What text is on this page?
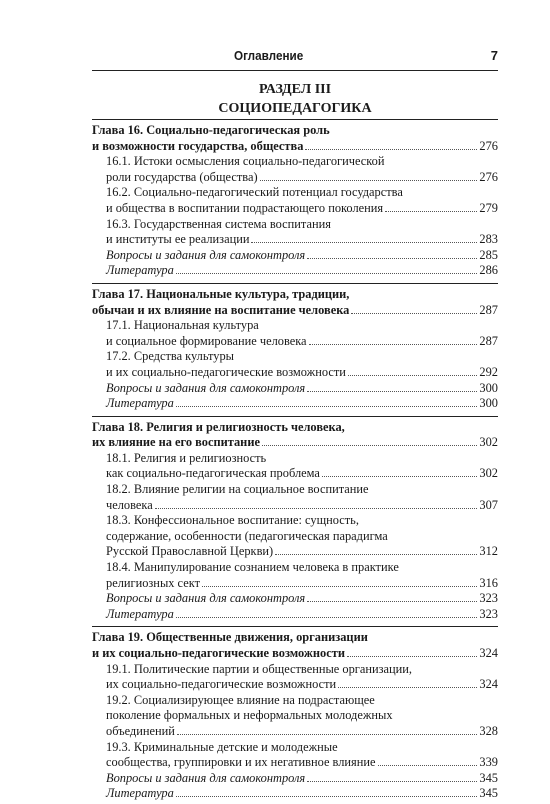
Оглавление	7
РАЗДЕЛ III
СОЦИОПЕДАГОГИКА
Глава 16. Социально-педагогическая роль
и возможности государства, общества	276
16.1. Истоки осмысления социально-педагогической
роли государства (общества)	276
16.2. Социально-педагогический потенциал государства
и общества в воспитании подрастающего поколения	279
16.3. Государственная система воспитания
и институты ее реализации	283
Вопросы и задания для самоконтроля	285
Литература	286
Глава 17. Национальные культура, традиции,
обычаи и их влияние на воспитание человека	287
17.1. Национальная культура
и социальное формирование человека	287
17.2. Средства культуры
и их социально-педагогические возможности	292
Вопросы и задания для самоконтроля	300
Литература	300
Глава 18. Религия и религиозность человека,
их влияние на его воспитание	302
18.1. Религия и религиозность
как социально-педагогическая проблема	302
18.2. Влияние религии на социальное воспитание
человека	307
18.3. Конфессиональное воспитание: сущность,
содержание, особенности (педагогическая парадигма
Русской Православной Церкви)	312
18.4. Манипулирование сознанием человека в практике
религиозных сект	316
Вопросы и задания для самоконтроля	323
Литература	323
Глава 19. Общественные движения, организации
и их социально-педагогические возможности	324
19.1. Политические партии и общественные организации,
их социально-педагогические возможности	324
19.2. Социализирующее влияние на подрастающее
поколение формальных и неформальных молодежных
объединений	328
19.3. Криминальные детские и молодежные
сообщества, группировки и их негативное влияние	339
Вопросы и задания для самоконтроля	345
Литература	345
